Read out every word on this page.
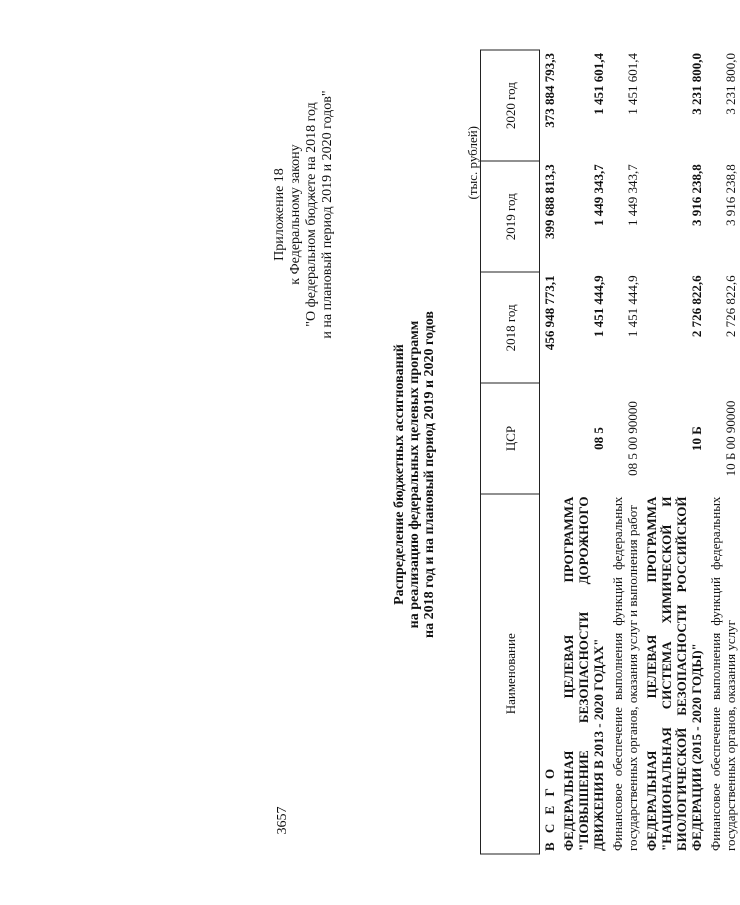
3657
Приложение 18 к Федеральному закону "О федеральном бюджете на 2018 год и на плановый период 2019 и 2020 годов"
Распределение бюджетных ассигнований на реализацию федеральных целевых программ на 2018 год и на плановый период 2019 и 2020 годов
(тыс. рублей)
Наименование	ЦСР	2018 год	2019 год	2020 год
В С Е Г О		456 948 773,1	399 688 813,3	373 884 793,3
ФЕДЕРАЛЬНАЯ ЦЕЛЕВАЯ ПРОГРАММА "ПОВЫШЕНИЕ БЕЗОПАСНОСТИ ДОРОЖНОГО ДВИЖЕНИЯ В 2013 - 2020 ГОДАХ"	08 5	1 451 444,9	1 449 343,7	1 451 601,4
Финансовое обеспечение выполнения функций федеральных государственных органов, оказания услуг и выполнения работ	08 5 00 90000	1 451 444,9	1 449 343,7	1 451 601,4
ФЕДЕРАЛЬНАЯ ЦЕЛЕВАЯ ПРОГРАММА "НАЦИОНАЛЬНАЯ СИСТЕМА ХИМИЧЕСКОЙ И БИОЛОГИЧЕСКОЙ БЕЗОПАСНОСТИ РОССИЙСКОЙ ФЕДЕРАЦИИ (2015 - 2020 ГОДЫ)"	10 Б	2 726 822,6	3 916 238,8	3 231 800,0
Финансовое обеспечение выполнения функций федеральных государственных органов, оказания услуг	10 Б 00 90000	2 726 822,6	3 916 238,8	3 231 800,0
